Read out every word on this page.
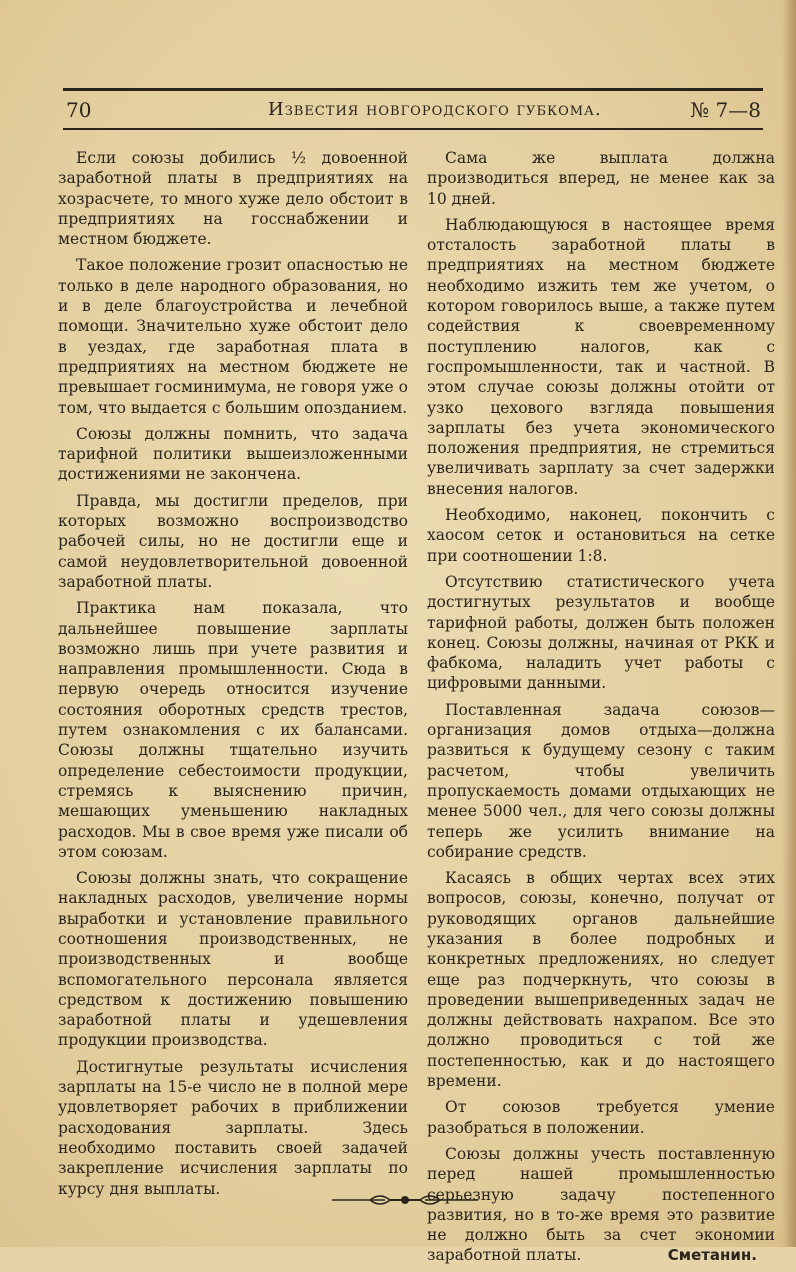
70	Известия новгородского губкома.	№ 7—8

Если союзы добились ½ довоенной заработной платы в предприятиях на хозрасчете, то много хуже дело обстоит в предприятиях на госснабжении и местном бюджете.

Такое положение грозит опасностью не только в деле народного образования, но и в деле благоустройства и лечебной помощи. Значительно хуже обстоит дело в уездах, где заработная плата в предприятиях на местном бюджете не превышает госминимума, не говоря уже о том, что выдается с большим опозданием.

Союзы должны помнить, что задача тарифной политики вышеизложенными достижениями не закончена.

Правда, мы достигли пределов, при которых возможно воспроизводство рабочей силы, но не достигли еще и самой неудовлетворительной довоенной заработной платы.

Практика нам показала, что дальнейшее повышение зарплаты возможно лишь при учете развития и направления промышленности. Сюда в первую очередь относится изучение состояния оборотных средств трестов, путем ознакомления с их балансами. Союзы должны тщательно изучить определение себестоимости продукции, стремясь к выяснению причин, мешающих уменьшению накладных расходов. Мы в свое время уже писали об этом союзам.

Союзы должны знать, что сокращение накладных расходов, увеличение нормы выработки и установление правильного соотношения производственных, не производственных и вообще вспомогательного персонала является средством к достижению повышению заработной платы и удешевления продукции производства.

Достигнутые результаты исчисления зарплаты на 15-е число не в полной мере удовлетворяет рабочих в приближении расходования зарплаты. Здесь необходимо поставить своей задачей закрепление исчисления зарплаты по курсу дня выплаты.

Сама же выплата должна производиться вперед, не менее как за 10 дней.

Наблюдающуюся в настоящее время отсталость заработной платы в предприятиях на местном бюджете необходимо изжить тем же учетом, о котором говорилось выше, а также путем содействия к своевременному поступлению налогов, как с госпромышленности, так и частной. В этом случае союзы должны отойти от узко цехового взгляда повышения зарплаты без учета экономического положения предприятия, не стремиться увеличивать зарплату за счет задержки внесения налогов.

Необходимо, наконец, покончить с хаосом сеток и остановиться на сетке при соотношении 1:8.

Отсутствию статистического учета достигнутых результатов и вообще тарифной работы, должен быть положен конец. Союзы должны, начиная от РКК и фабкома, наладить учет работы с цифровыми данными.

Поставленная задача союзов—организация домов отдыха—должна развиться к будущему сезону с таким расчетом, чтобы увеличить пропускаемость домами отдыхающих не менее 5000 чел., для чего союзы должны теперь же усилить внимание на собирание средств.

Касаясь в общих чертах всех этих вопросов, союзы, конечно, получат от руководящих органов дальнейшие указания в более подробных и конкретных предложениях, но следует еще раз подчеркнуть, что союзы в проведении вышеприведенных задач не должны действовать нахрапом. Все это должно проводиться с той же постепенностью, как и до настоящего времени.

От союзов требуется умение разобраться в положении.

Союзы должны учесть поставленную перед нашей промышленностью серьезную задачу постепенного развития, но в то-же время это развитие не должно быть за счет экономии заработной платы.	Сметанин.
